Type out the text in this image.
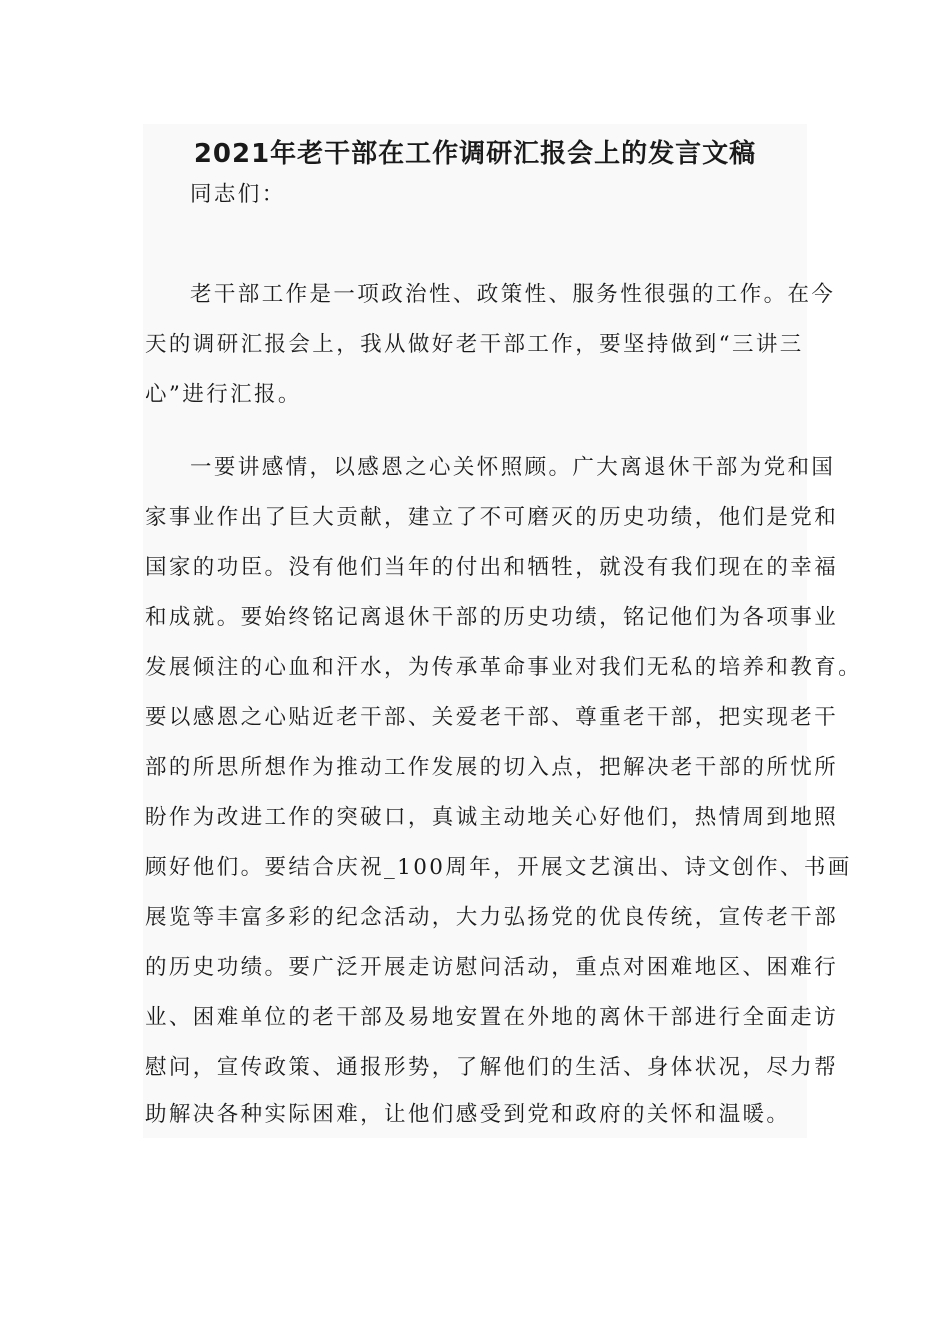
2021年老干部在工作调研汇报会上的发言文稿

同志们：

老干部工作是一项政治性、政策性、服务性很强的工作。在今

天的调研汇报会上，我从做好老干部工作，要坚持做到“三讲三

心”进行汇报。

一要讲感情，以感恩之心关怀照顾。广大离退休干部为党和国

家事业作出了巨大贡献，建立了不可磨灭的历史功绩，他们是党和

国家的功臣。没有他们当年的付出和牺牲，就没有我们现在的幸福

和成就。要始终铭记离退休干部的历史功绩，铭记他们为各项事业

发展倾注的心血和汗水，为传承革命事业对我们无私的培养和教育。

要以感恩之心贴近老干部、关爱老干部、尊重老干部，把实现老干

部的所思所想作为推动工作发展的切入点，把解决老干部的所忧所

盼作为改进工作的突破口，真诚主动地关心好他们，热情周到地照

顾好他们。要结合庆祝_100周年，开展文艺演出、诗文创作、书画

展览等丰富多彩的纪念活动，大力弘扬党的优良传统，宣传老干部

的历史功绩。要广泛开展走访慰问活动，重点对困难地区、困难行

业、困难单位的老干部及易地安置在外地的离休干部进行全面走访

慰问，宣传政策、通报形势，了解他们的生活、身体状况，尽力帮

助解决各种实际困难，让他们感受到党和政府的关怀和温暖。
